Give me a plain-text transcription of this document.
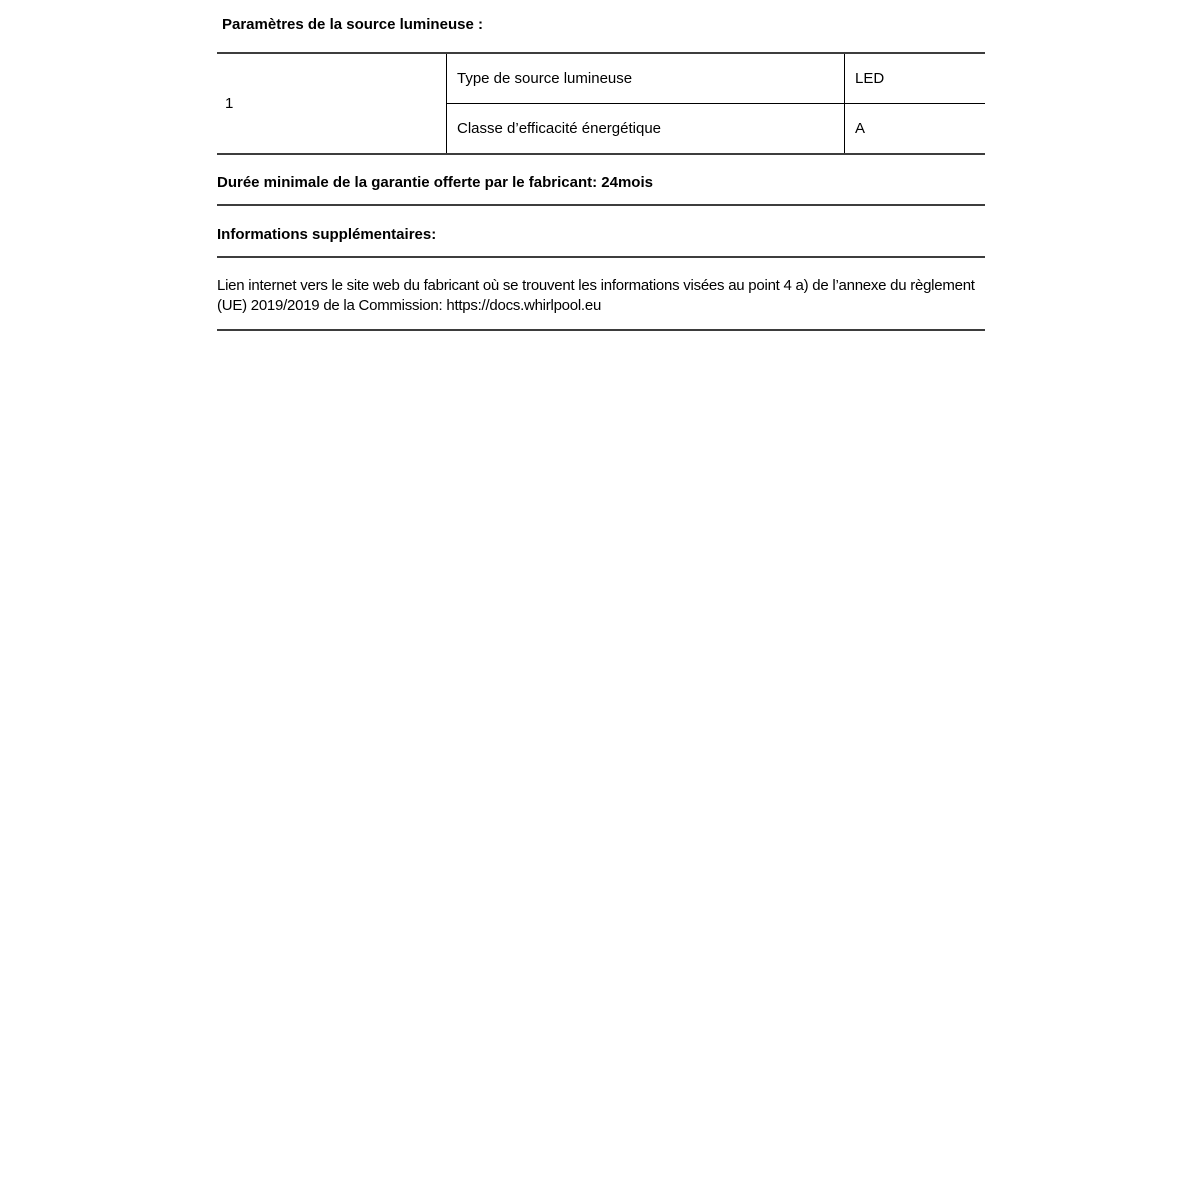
Paramètres de la source lumineuse :
1
Type de source lumineuse	LED
Classe d’efficacité énergétique	A
Durée minimale de la garantie offerte par le fabricant: 24mois
Informations supplémentaires:
Lien internet vers le site web du fabricant où se trouvent les informations visées au point 4 a) de l’annexe du règlement (UE) 2019/2019 de la Commission: https://docs.whirlpool.eu
